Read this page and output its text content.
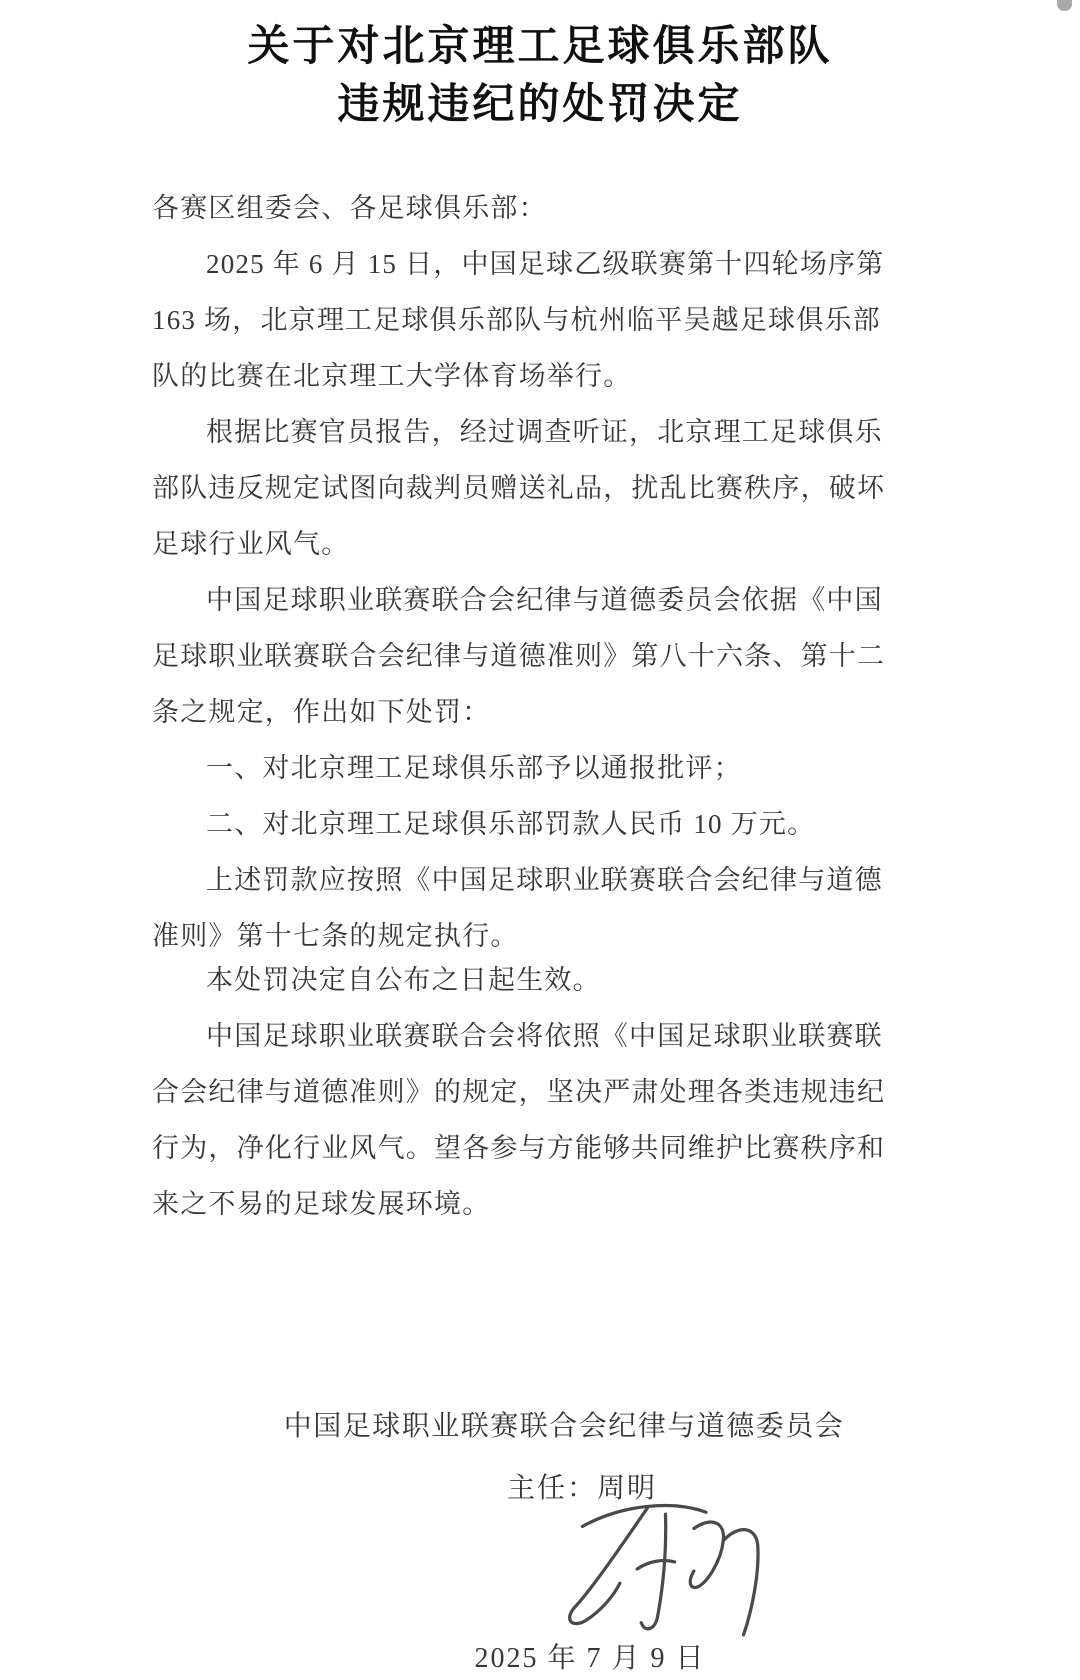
关于对北京理工足球俱乐部队
违规违纪的处罚决定
各赛区组委会、各足球俱乐部：
2025 年 6 月 15 日，中国足球乙级联赛第十四轮场序第
163 场，北京理工足球俱乐部队与杭州临平吴越足球俱乐部
队的比赛在北京理工大学体育场举行。
根据比赛官员报告，经过调查听证，北京理工足球俱乐
部队违反规定试图向裁判员赠送礼品，扰乱比赛秩序，破坏
足球行业风气。
中国足球职业联赛联合会纪律与道德委员会依据《中国
足球职业联赛联合会纪律与道德准则》第八十六条、第十二
条之规定，作出如下处罚：
一、对北京理工足球俱乐部予以通报批评；
二、对北京理工足球俱乐部罚款人民币 10 万元。
上述罚款应按照《中国足球职业联赛联合会纪律与道德
准则》第十七条的规定执行。
本处罚决定自公布之日起生效。
中国足球职业联赛联合会将依照《中国足球职业联赛联
合会纪律与道德准则》的规定，坚决严肃处理各类违规违纪
行为，净化行业风气。望各参与方能够共同维护比赛秩序和
来之不易的足球发展环境。
中国足球职业联赛联合会纪律与道德委员会
主任：周明
2025 年 7 月 9 日
